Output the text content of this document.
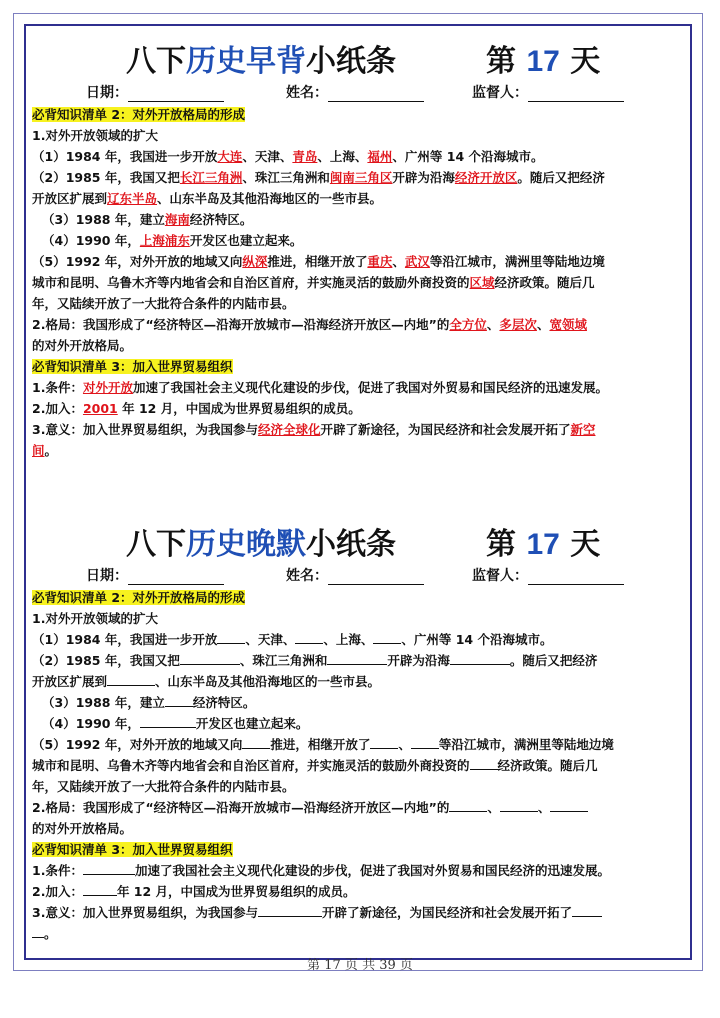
八下历史早背小纸条	第 17 天
日期：	姓名：	监督人：
必背知识清单 2：对外开放格局的形成
1.对外开放领域的扩大
（1）1984 年，我国进一步开放大连、天津、青岛、上海、福州、广州等 14 个沿海城市。
（2）1985 年，我国又把长江三角洲、珠江三角洲和闽南三角区开辟为沿海经济开放区。随后又把经济
开放区扩展到辽东半岛、山东半岛及其他沿海地区的一些市县。
（3）1988 年，建立海南经济特区。
（4）1990 年，上海浦东开发区也建立起来。
（5）1992 年，对外开放的地域又向纵深推进，相继开放了重庆、武汉等沿江城市，满洲里等陆地边境
城市和昆明、乌鲁木齐等内地省会和自治区首府，并实施灵活的鼓励外商投资的区域经济政策。随后几
年，又陆续开放了一大批符合条件的内陆市县。
2.格局：我国形成了“经济特区—沿海开放城市—沿海经济开放区—内地”的全方位、多层次、宽领域
的对外开放格局。
必背知识清单 3：加入世界贸易组织
1.条件：对外开放加速了我国社会主义现代化建设的步伐，促进了我国对外贸易和国民经济的迅速发展。
2.加入：2001 年 12 月，中国成为世界贸易组织的成员。
3.意义：加入世界贸易组织，为我国参与经济全球化开辟了新途径，为国民经济和社会发展开拓了新空
间。
八下历史晚默小纸条	第 17 天
日期：	姓名：	监督人：
必背知识清单 2：对外开放格局的形成
1.对外开放领域的扩大
（1）1984 年，我国进一步开放 、天津、 、上海、 、广州等 14 个沿海城市。
（2）1985 年，我国又把	、珠江三角洲和	开辟为沿海	。随后又把经济
开放区扩展到	、山东半岛及其他沿海地区的一些市县。
（3）1988 年，建立 经济特区。
（4）1990 年，	开发区也建立起来。
（5）1992 年，对外开放的地域又向 推进，相继开放了 、 等沿江城市，满洲里等陆地边境
城市和昆明、乌鲁木齐等内地省会和自治区首府，并实施灵活的鼓励外商投资的 经济政策。随后几
年，又陆续开放了一大批符合条件的内陆市县。
2.格局：我国形成了“经济特区—沿海开放城市—沿海经济开放区—内地”的	、	、
的对外开放格局。
必背知识清单 3：加入世界贸易组织
1.条件：	加速了我国社会主义现代化建设的步伐，促进了我国对外贸易和国民经济的迅速发展。
2.加入：	年 12 月，中国成为世界贸易组织的成员。
3.意义：加入世界贸易组织，为我国参与	开辟了新途径，为国民经济和社会发展开拓了
。
第 17 页 共 39 页
